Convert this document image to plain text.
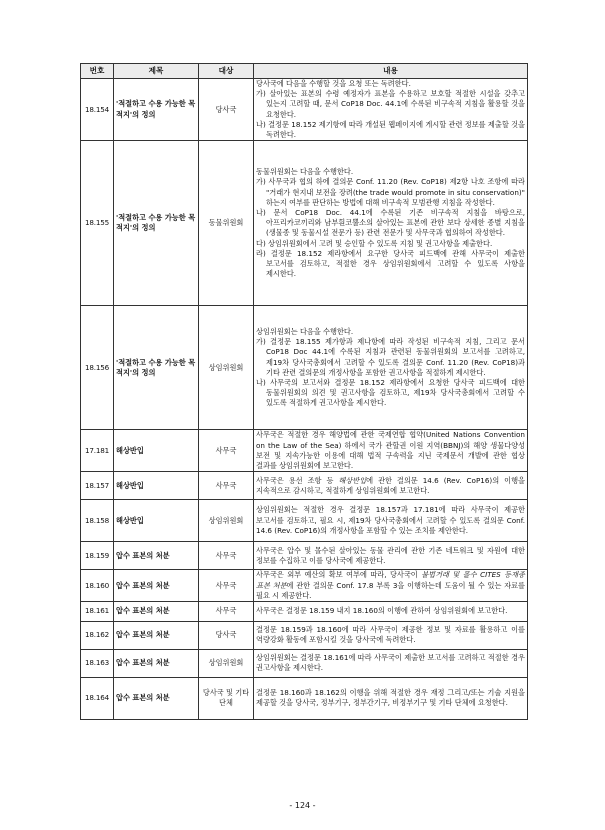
번호	제목	대상	내용
18.154	'적절하고 수용 가능한 목적지'의 정의	당사국	당사국에 다음을 수행할 것을 요청 또는 독려한다.
가) 살아있는 표본의 수령 예정자가 표본을 수용하고 보호할 적절한 시설을 갖추고 있는지 고려할 때, 문서 CoP18 Doc. 44.1에 수록된 비구속적 지침을 활용할 것을 요청한다.
나) 결정문 18.152 제기항에 따라 개설된 웹페이지에 게시할 관련 정보를 제출할 것을 독려한다.

18.155	'적절하고 수용 가능한 목적지'의 정의	동물위원회	동물위원회는 다음을 수행한다.
가) 사무국과 협의 하에 결의문 Conf. 11.20 (Rev. CoP18) 제2항 나호 조항에 따라 "거래가 현지내 보전을 장려(the trade would promote in situ conservation)" 하는지 여부를 판단하는 방법에 대해 비구속적 모범관행 지침을 작성한다.
나) 문서 CoP18 Doc. 44.1에 수록된 기존 비구속적 지침을 바탕으로, 아프리카코끼리와 남부흰코뿔소의 살아있는 표본에 관한 보다 상세한 종별 지침을 (생물종 및 동물시설 전문가 등) 관련 전문가 및 사무국과 협의하여 작성한다.
다) 상임위원회에서 고려 및 승인할 수 있도록 지침 및 권고사항을 제출한다.
라) 결정문 18.152 제라항에서 요구한 당사국 피드백에 관해 사무국이 제출한 보고서를 검토하고, 적절한 경우 상임위원회에서 고려할 수 있도록 사항을 제시한다.

18.156	'적절하고 수용 가능한 목적지'의 정의	상임위원회	상임위원회는 다음을 수행한다.
가) 결정문 18.155 제가항과 제나항에 따라 작성된 비구속적 지침, 그리고 문서 CoP18 Doc 44.1에 수록된 지침과 관련된 동물위원회의 보고서를 고려하고, 제19차 당사국총회에서 고려할 수 있도록 결의문 Conf. 11.20 (Rev. CoP18)과 기타 관련 결의문의 개정사항을 포함한 권고사항을 적절하게 제시한다.
나) 사무국의 보고서와 결정문 18.152 제라항에서 요청한 당사국 피드백에 대한 동물위원회의 의견 및 권고사항을 검토하고, 제19차 당사국총회에서 고려할 수 있도록 적절하게 권고사항을 제시한다.

17.181	해상반입	사무국	사무국은 적절한 경우 해양법에 관한 국제연합 협약(United Nations Convention on the Law of the Sea) 하에서 국가 관할권 이원 지역(BBNJ)의 해양 생물다양성 보전 및 지속가능한 이용에 대해 법적 구속력을 지닌 국제문서 개발에 관한 협상 결과를 상임위원회에 보고한다.

18.157	해상반입	사무국	사무국은 용선 조항 등 해상반입에 관한 결의문 14.6 (Rev. CoP16)의 이행을 지속적으로 감시하고, 적절하게 상임위원회에 보고한다.
18.158	해상반입	상임위원회	상임위원회는 적절한 경우 결정문 18.157과 17.181에 따라 사무국이 제공한 보고서를 검토하고, 필요 시, 제19차 당사국총회에서 고려할 수 있도록 결의문 Conf. 14.6 (Rev. CoP16)의 개정사항을 포함할 수 있는 조치를 제안한다.

18.159	압수 표본의 처분	사무국	사무국은 압수 및 몰수된 살아있는 동물 관리에 관한 기존 네트워크 및 자원에 대한 정보를 수집하고 이를 당사국에 제공한다.

18.160	압수 표본의 처분	사무국	사무국은 외부 예산의 확보 여부에 따라, 당사국이 불법거래 및 몰수 CITES 등재종 표본 처분에 관한 결의문 Conf. 17.8 부록 3을 이행하는데 도움이 될 수 있는 자료를 필요 시 제공한다.
18.161	압수 표본의 처분	사무국	사무국은 결정문 18.159 내지 18.160의 이행에 관하여 상임위원회에 보고한다.

18.162	압수 표본의 처분	당사국	결정문 18.159과 18.160에 따라 사무국이 제공한 정보 및 자료를 활용하고 이를 역량강화 활동에 포함시킬 것을 당사국에 독려한다.

18.163	압수 표본의 처분	상임위원회	상임위원회는 결정문 18.161에 따라 사무국이 제출한 보고서를 고려하고 적절한 경우 권고사항을 제시한다.

18.164	압수 표본의 처분	당사국 및 기타 단체	결정문 18.160과 18.162의 이행을 위해 적절한 경우 재정 그리고/또는 기술 지원을 제공할 것을 당사국, 정부기구, 정부간기구, 비정부기구 및 기타 단체에 요청한다.
- 124 -
